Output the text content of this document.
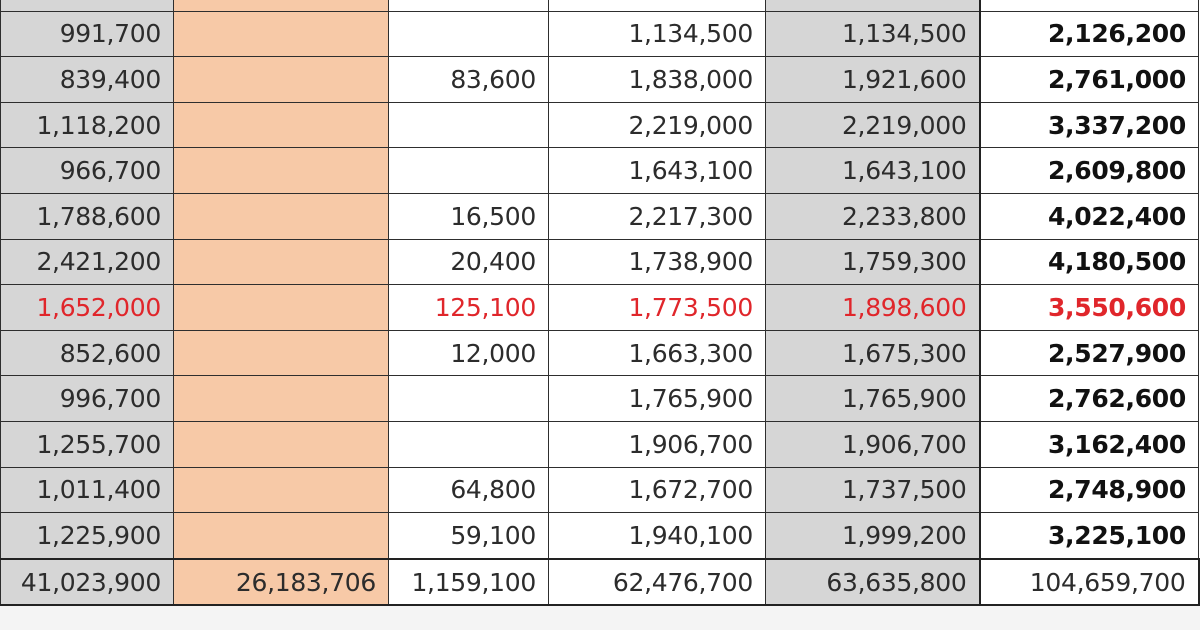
991,700			1,134,500	1,134,500	2,126,200
839,400		83,600	1,838,000	1,921,600	2,761,000
1,118,200			2,219,000	2,219,000	3,337,200
966,700			1,643,100	1,643,100	2,609,800
1,788,600		16,500	2,217,300	2,233,800	4,022,400
2,421,200		20,400	1,738,900	1,759,300	4,180,500
1,652,000		125,100	1,773,500	1,898,600	3,550,600
852,600		12,000	1,663,300	1,675,300	2,527,900
996,700			1,765,900	1,765,900	2,762,600
1,255,700			1,906,700	1,906,700	3,162,400
1,011,400		64,800	1,672,700	1,737,500	2,748,900
1,225,900		59,100	1,940,100	1,999,200	3,225,100
41,023,900	26,183,706	1,159,100	62,476,700	63,635,800	104,659,700
